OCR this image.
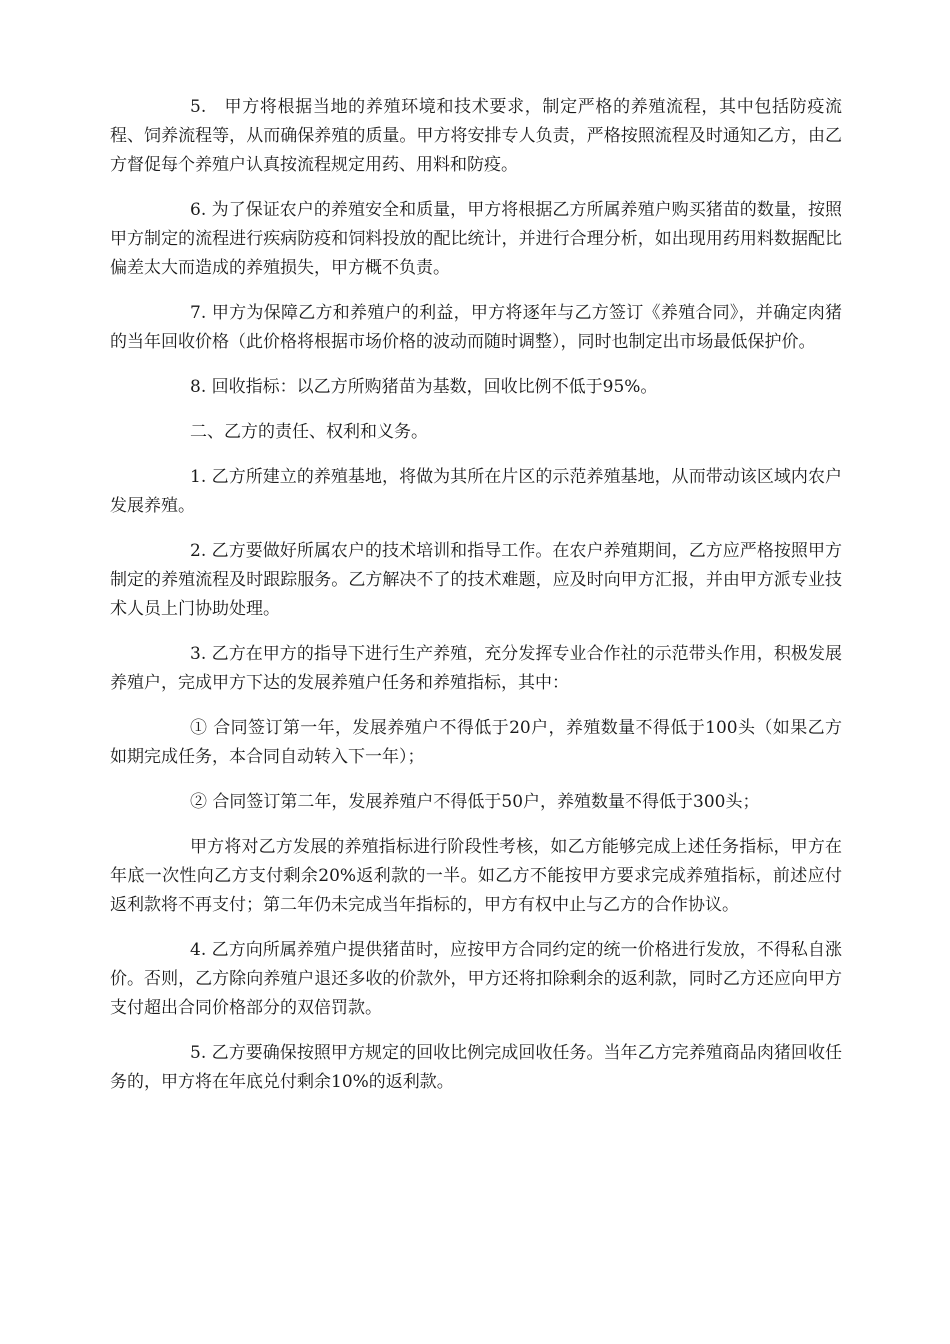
5.　甲方将根据当地的养殖环境和技术要求，制定严格的养殖流程，其中包括防疫流程、饲养流程等，从而确保养殖的质量。甲方将安排专人负责，严格按照流程及时通知乙方，由乙方督促每个养殖户认真按流程规定用药、用料和防疫。

6. 为了保证农户的养殖安全和质量，甲方将根据乙方所属养殖户购买猪苗的数量，按照甲方制定的流程进行疾病防疫和饲料投放的配比统计，并进行合理分析，如出现用药用料数据配比偏差太大而造成的养殖损失，甲方概不负责。

7. 甲方为保障乙方和养殖户的利益，甲方将逐年与乙方签订《养殖合同》，并确定肉猪的当年回收价格（此价格将根据市场价格的波动而随时调整），同时也制定出市场最低保护价。

8. 回收指标：以乙方所购猪苗为基数，回收比例不低于95%。

二、乙方的责任、权利和义务。

1. 乙方所建立的养殖基地，将做为其所在片区的示范养殖基地，从而带动该区域内农户发展养殖。

2. 乙方要做好所属农户的技术培训和指导工作。在农户养殖期间，乙方应严格按照甲方制定的养殖流程及时跟踪服务。乙方解决不了的技术难题，应及时向甲方汇报，并由甲方派专业技术人员上门协助处理。

3. 乙方在甲方的指导下进行生产养殖，充分发挥专业合作社的示范带头作用，积极发展养殖户，完成甲方下达的发展养殖户任务和养殖指标，其中：

① 合同签订第一年，发展养殖户不得低于20户，养殖数量不得低于100头（如果乙方如期完成任务，本合同自动转入下一年）；

② 合同签订第二年，发展养殖户不得低于50户，养殖数量不得低于300头；

甲方将对乙方发展的养殖指标进行阶段性考核，如乙方能够完成上述任务指标，甲方在年底一次性向乙方支付剩余20%返利款的一半。如乙方不能按甲方要求完成养殖指标，前述应付返利款将不再支付；第二年仍未完成当年指标的，甲方有权中止与乙方的合作协议。

4. 乙方向所属养殖户提供猪苗时，应按甲方合同约定的统一价格进行发放，不得私自涨价。否则，乙方除向养殖户退还多收的价款外，甲方还将扣除剩余的返利款，同时乙方还应向甲方支付超出合同价格部分的双倍罚款。

5. 乙方要确保按照甲方规定的回收比例完成回收任务。当年乙方完养殖商品肉猪回收任务的，甲方将在年底兑付剩余10%的返利款。
